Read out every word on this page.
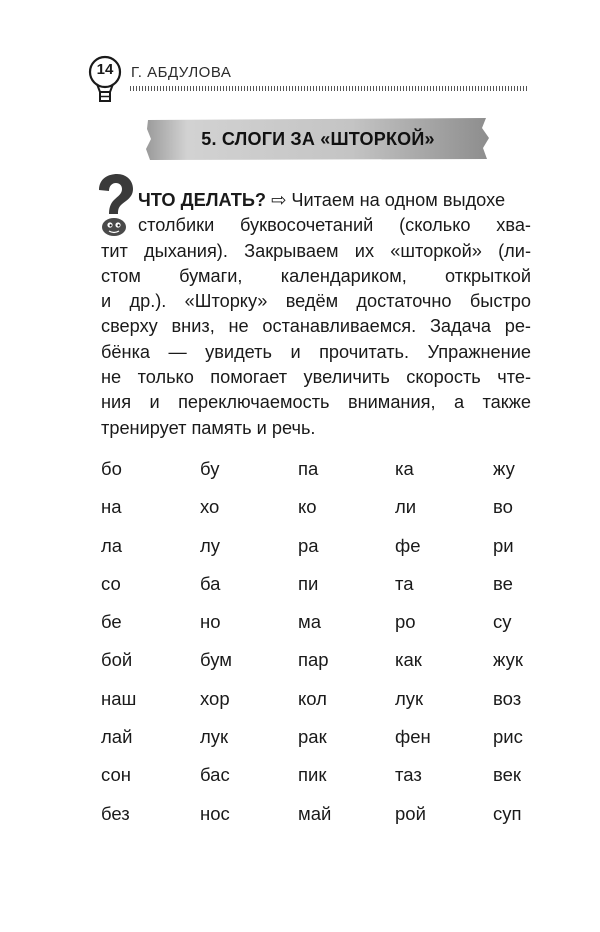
14	Г. АБДУЛОВА
5. СЛОГИ ЗА «ШТОРКОЙ»
ЧТО ДЕЛАТЬ? ⇨ Читаем на одном выдохе
столбики буквосочетаний (сколько хва-
тит дыхания). Закрываем их «шторкой» (ли-
стом бумаги, календариком, открыткой
и др.). «Шторку» ведём достаточно быстро
сверху вниз, не останавливаемся. Задача ре-
бёнка — увидеть и прочитать. Упражнение
не только помогает увеличить скорость чте-
ния и переключаемость внимания, а также
тренирует память и речь.
бо	бу	па	ка	жу
на	хо	ко	ли	во
ла	лу	ра	фе	ри
со	ба	пи	та	ве
бе	но	ма	ро	су
бой	бум	пар	как	жук
наш	хор	кол	лук	воз
лай	лук	рак	фен	рис
сон	бас	пик	таз	век
без	нос	май	рой	суп
